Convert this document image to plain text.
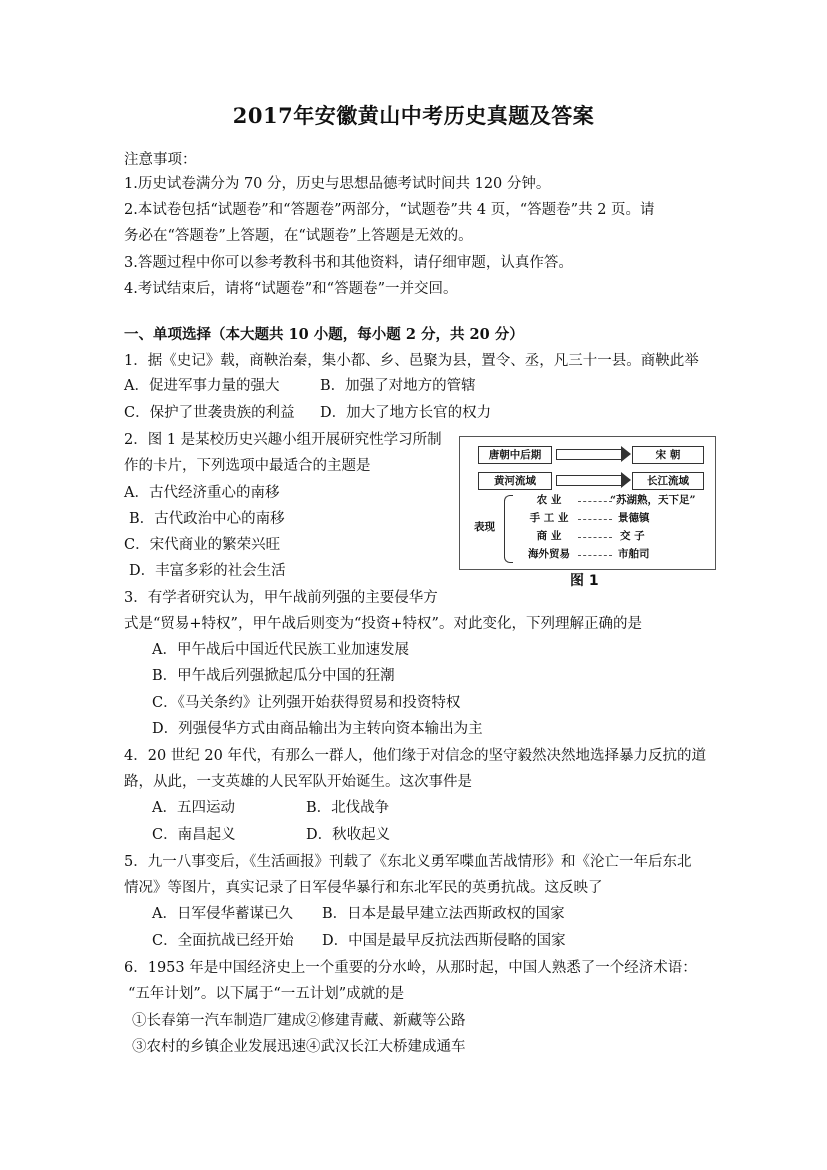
2017年安徽黄山中考历史真题及答案
注意事项：
1.历史试卷满分为 70 分，历史与思想品德考试时间共 120 分钟。
2.本试卷包括“试题卷”和“答题卷”两部分，“试题卷”共 4 页，“答题卷”共 2 页。请
务必在“答题卷”上答题，在“试题卷”上答题是无效的。
3.答题过程中你可以参考教科书和其他资料，请仔细审题，认真作答。
4.考试结束后，请将“试题卷”和“答题卷”一并交回。
一、单项选择（本大题共 10 小题，每小题 2 分，共 20 分）
1．据《史记》载，商鞅治秦，集小都、乡、邑聚为县，置令、丞，凡三十一县。商鞅此举
A．促进军事力量的强大	B．加强了对地方的管辖
C．保护了世袭贵族的利益 D．加大了地方长官的权力
2．图 1 是某校历史兴趣小组开展研究性学习所制
作的卡片，下列选项中最适合的主题是
A．古代经济重心的南移
B．古代政治中心的南移
C．宋代商业的繁荣兴旺
D．丰富多彩的社会生活
唐朝中后期	宋 朝
黄河流域	长江流域
表现
农 业	“苏湖熟，天下足”
手 工 业	景德镇
商 业	交 子
海外贸易	市舶司
图 1
3．有学者研究认为，甲午战前列强的主要侵华方
式是“贸易+特权”，甲午战后则变为“投资+特权”。对此变化，下列理解正确的是
A．甲午战后中国近代民族工业加速发展
B．甲午战后列强掀起瓜分中国的狂潮
C．《马关条约》让列强开始获得贸易和投资特权
D．列强侵华方式由商品输出为主转向资本输出为主
4．20 世纪 20 年代，有那么一群人，他们缘于对信念的坚守毅然决然地选择暴力反抗的道
路，从此，一支英雄的人民军队开始诞生。这次事件是
A．五四运动	B．北伐战争
C．南昌起义	D．秋收起义
5．九一八事变后，《生活画报》刊载了《东北义勇军喋血苦战情形》和《沦亡一年后东北
情况》等图片，真实记录了日军侵华暴行和东北军民的英勇抗战。这反映了
A．日军侵华蓄谋已久 B．日本是最早建立法西斯政权的国家
C．全面抗战已经开始 D．中国是最早反抗法西斯侵略的国家
6．1953 年是中国经济史上一个重要的分水岭，从那时起，中国人熟悉了一个经济术语：
“五年计划”。以下属于“一五计划”成就的是
①长春第一汽车制造厂建成②修建青藏、新藏等公路
③农村的乡镇企业发展迅速④武汉长江大桥建成通车
